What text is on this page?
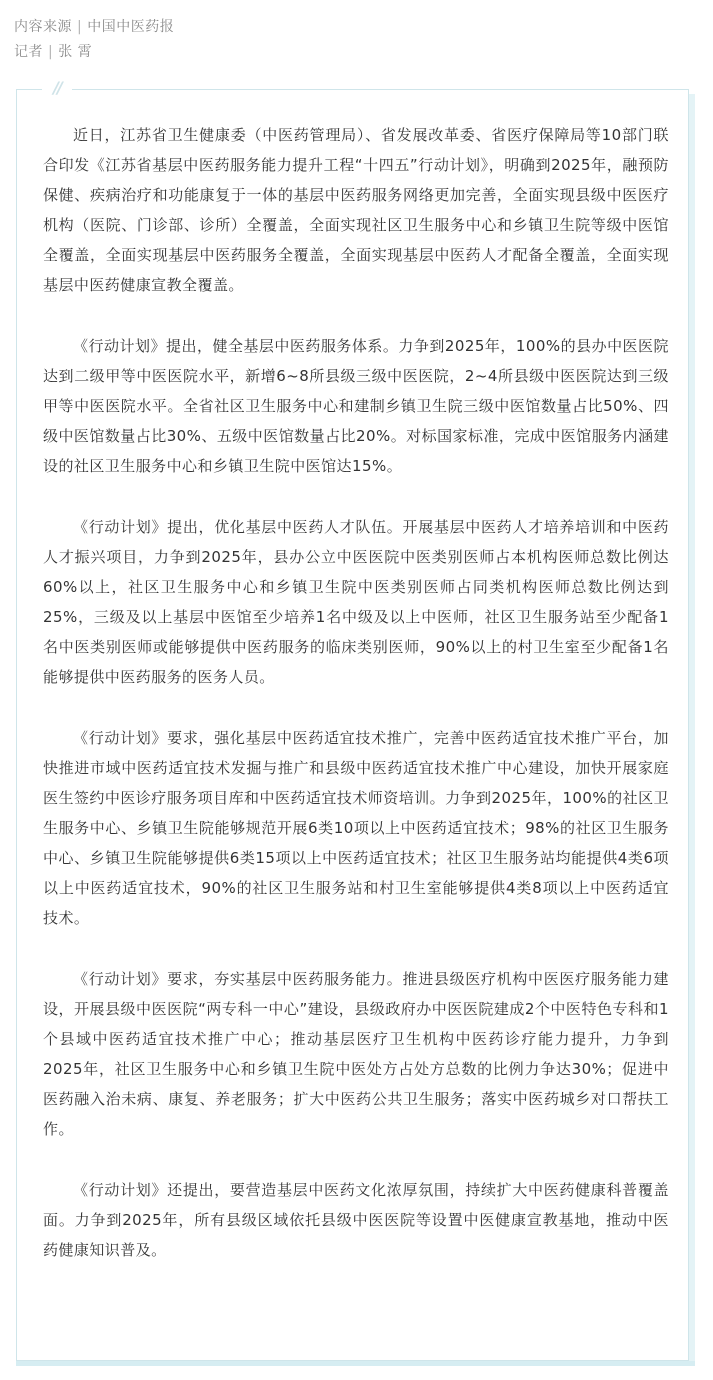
内容来源 | 中国中医药报
记者 | 张 霄
//

近日，江苏省卫生健康委（中医药管理局）、省发展改革委、省医疗保障局等10部门联合印发《江苏省基层中医药服务能力提升工程“十四五”行动计划》，明确到2025年，融预防保健、疾病治疗和功能康复于一体的基层中医药服务网络更加完善，全面实现县级中医医疗机构（医院、门诊部、诊所）全覆盖，全面实现社区卫生服务中心和乡镇卫生院等级中医馆全覆盖，全面实现基层中医药服务全覆盖，全面实现基层中医药人才配备全覆盖，全面实现基层中医药健康宣教全覆盖。

《行动计划》提出，健全基层中医药服务体系。力争到2025年，100%的县办中医医院达到二级甲等中医医院水平，新增6~8所县级三级中医医院，2~4所县级中医医院达到三级甲等中医医院水平。全省社区卫生服务中心和建制乡镇卫生院三级中医馆数量占比50%、四级中医馆数量占比30%、五级中医馆数量占比20%。对标国家标准，完成中医馆服务内涵建设的社区卫生服务中心和乡镇卫生院中医馆达15%。

《行动计划》提出，优化基层中医药人才队伍。开展基层中医药人才培养培训和中医药人才振兴项目，力争到2025年，县办公立中医医院中医类别医师占本机构医师总数比例达60%以上，社区卫生服务中心和乡镇卫生院中医类别医师占同类机构医师总数比例达到25%，三级及以上基层中医馆至少培养1名中级及以上中医师，社区卫生服务站至少配备1名中医类别医师或能够提供中医药服务的临床类别医师，90%以上的村卫生室至少配备1名能够提供中医药服务的医务人员。

《行动计划》要求，强化基层中医药适宜技术推广，完善中医药适宜技术推广平台，加快推进市域中医药适宜技术发掘与推广和县级中医药适宜技术推广中心建设，加快开展家庭医生签约中医诊疗服务项目库和中医药适宜技术师资培训。力争到2025年，100%的社区卫生服务中心、乡镇卫生院能够规范开展6类10项以上中医药适宜技术；98%的社区卫生服务中心、乡镇卫生院能够提供6类15项以上中医药适宜技术；社区卫生服务站均能提供4类6项以上中医药适宜技术，90%的社区卫生服务站和村卫生室能够提供4类8项以上中医药适宜技术。

《行动计划》要求，夯实基层中医药服务能力。推进县级医疗机构中医医疗服务能力建设，开展县级中医医院“两专科一中心”建设，县级政府办中医医院建成2个中医特色专科和1个县域中医药适宜技术推广中心；推动基层医疗卫生机构中医药诊疗能力提升，力争到2025年，社区卫生服务中心和乡镇卫生院中医处方占处方总数的比例力争达30%；促进中医药融入治未病、康复、养老服务；扩大中医药公共卫生服务；落实中医药城乡对口帮扶工作。

《行动计划》还提出，要营造基层中医药文化浓厚氛围，持续扩大中医药健康科普覆盖面。力争到2025年，所有县级区域依托县级中医医院等设置中医健康宣教基地，推动中医药健康知识普及。
